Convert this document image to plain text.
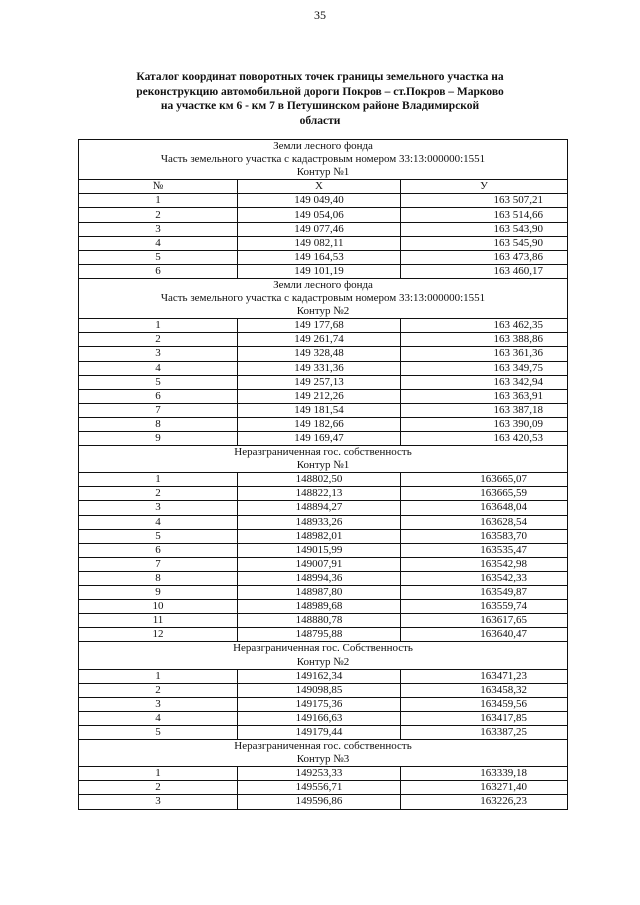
35
Каталог координат поворотных точек границы земельного участка на
реконструкцию автомобильной дороги Покров – ст.Покров – Марково
на участке км 6 - км 7 в Петушинском районе Владимирской
области
Земли лесного фонда		
Часть земельного участка с кадастровым номером 33:13:000000:1551		
Контур №1		
№	X	У
1	149 049,40	163 507,21
2	149 054,06	163 514,66
3	149 077,46	163 543,90
4	149 082,11	163 545,90
5	149 164,53	163 473,86
6	149 101,19	163 460,17
Земли лесного фонда		
Часть земельного участка с кадастровым номером 33:13:000000:1551		
Контур №2		
1	149 177,68	163 462,35
2	149 261,74	163 388,86
3	149 328,48	163 361,36
4	149 331,36	163 349,75
5	149 257,13	163 342,94
6	149 212,26	163 363,91
7	149 181,54	163 387,18
8	149 182,66	163 390,09
9	149 169,47	163 420,53
Неразграниченная гос. собственность		
Контур №1		
1	148802,50	163665,07
2	148822,13	163665,59
3	148894,27	163648,04
4	148933,26	163628,54
5	148982,01	163583,70
6	149015,99	163535,47
7	149007,91	163542,98
8	148994,36	163542,33
9	148987,80	163549,87
10	148989,68	163559,74
11	148880,78	163617,65
12	148795,88	163640,47
Неразграниченная гос. Собственность		
Контур №2		
1	149162,34	163471,23
2	149098,85	163458,32
3	149175,36	163459,56
4	149166,63	163417,85
5	149179,44	163387,25
Неразграниченная гос. собственность		
Контур №3		
1	149253,33	163339,18
2	149556,71	163271,40
3	149596,86	163226,23
